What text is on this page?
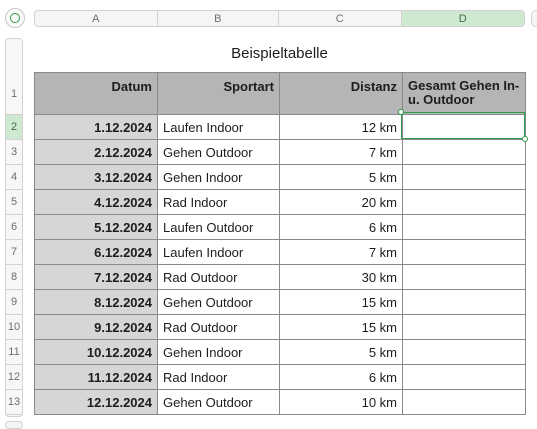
A	B	C	D
1
2
3
4
5
6
7
8
9
10
11
12
13
Beispieltabelle
Datum	Sportart	Distanz	Gesamt Gehen In- u. Outdoor
1.12.2024	Laufen Indoor	12 km	
2.12.2024	Gehen Outdoor	7 km	
3.12.2024	Gehen Indoor	5 km	
4.12.2024	Rad Indoor	20 km	
5.12.2024	Laufen Outdoor	6 km	
6.12.2024	Laufen Indoor	7 km	
7.12.2024	Rad Outdoor	30 km	
8.12.2024	Gehen Outdoor	15 km	
9.12.2024	Rad Outdoor	15 km	
10.12.2024	Gehen Indoor	5 km	
11.12.2024	Rad Indoor	6 km	
12.12.2024	Gehen Outdoor	10 km	
